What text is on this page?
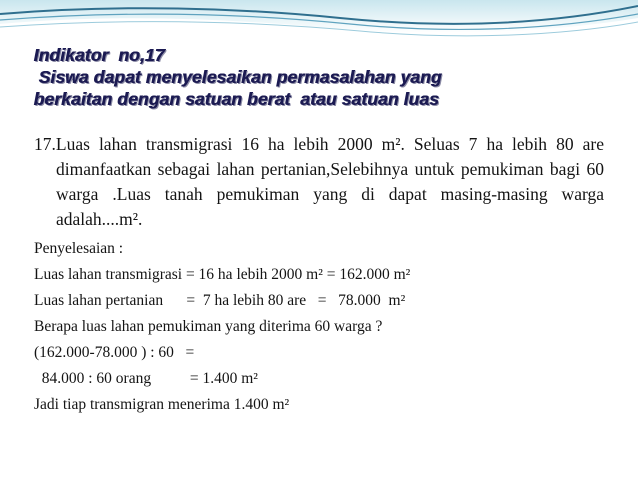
Indikator  no,17
Siswa dapat menyelesaikan permasalahan yang
berkaitan dengan satuan berat  atau satuan luas

17.Luas lahan transmigrasi 16 ha lebih 2000 m². Seluas 7 ha lebih 80 are dimanfaatkan sebagai lahan pertanian,Selebihnya untuk pemukiman bagi 60 warga .Luas tanah pemukiman yang di dapat masing-masing warga adalah....m².

Penyelesaian :
Luas lahan transmigrasi = 16 ha lebih 2000 m² = 162.000 m²
Luas lahan pertanian      =  7 ha lebih 80 are   =   78.000  m²
Berapa luas lahan pemukiman yang diterima 60 warga ?
(162.000-78.000 ) : 60   =
84.000 : 60 orang          = 1.400 m²
Jadi tiap transmigran menerima 1.400 m²
